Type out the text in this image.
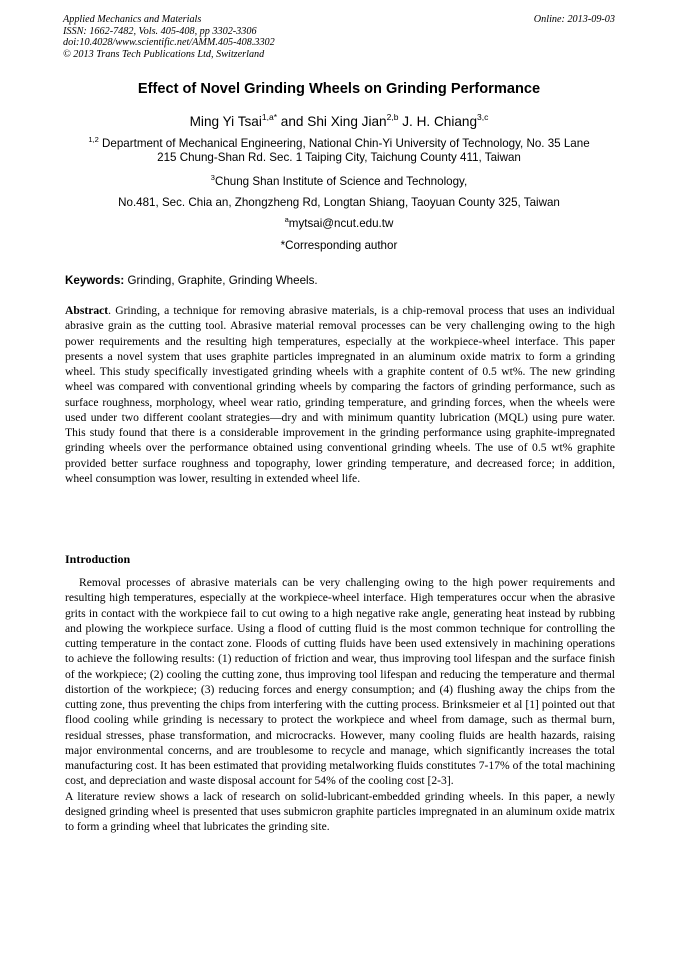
Applied Mechanics and Materials
ISSN: 1662-7482, Vols. 405-408, pp 3302-3306
doi:10.4028/www.scientific.net/AMM.405-408.3302
© 2013 Trans Tech Publications Ltd, Switzerland
Online: 2013-09-03
Effect of Novel Grinding Wheels on Grinding Performance
Ming Yi Tsai$^{1,a*}$ and Shi Xing Jian$^{2,b}$ J. H. Chiang$^{3,c}$
$^{1,2}$ Department of Mechanical Engineering, National Chin-Yi University of Technology, No. 35 Lane
215 Chung-Shan Rd. Sec. 1 Taiping City, Taichung County 411, Taiwan
$^3$Chung Shan Institute of Science and Technology,
No.481, Sec. Chia an, Zhongzheng Rd, Longtan Shiang, Taoyuan County 325, Taiwan
$^a$mytsai@ncut.edu.tw
*Corresponding author
Keywords: Grinding, Graphite, Grinding Wheels.

Abstract. Grinding, a technique for removing abrasive materials, is a chip-removal process that uses an individual abrasive grain as the cutting tool. Abrasive material removal processes can be very challenging owing to the high power requirements and the resulting high temperatures, especially at the workpiece-wheel interface. This paper presents a novel system that uses graphite particles impregnated in an aluminum oxide matrix to form a grinding wheel. This study specifically investigated grinding wheels with a graphite content of 0.5 wt%. The new grinding wheel was compared with conventional grinding wheels by comparing the factors of grinding performance, such as surface roughness, morphology, wheel wear ratio, grinding temperature, and grinding forces, when the wheels were used under two different coolant strategies—dry and with minimum quantity lubrication (MQL) using pure water. This study found that there is a considerable improvement in the grinding performance using graphite-impregnated grinding wheels over the performance obtained using conventional grinding wheels. The use of 0.5 wt% graphite provided better surface roughness and topography, lower grinding temperature, and decreased force; in addition, wheel consumption was lower, resulting in extended wheel life.

Introduction

Removal processes of abrasive materials can be very challenging owing to the high power requirements and resulting high temperatures, especially at the workpiece-wheel interface. High temperatures occur when the abrasive grits in contact with the workpiece fail to cut owing to a high negative rake angle, generating heat instead by rubbing and plowing the workpiece surface. Using a flood of cutting fluid is the most common technique for controlling the cutting temperature in the contact zone. Floods of cutting fluids have been used extensively in machining operations to achieve the following results: (1) reduction of friction and wear, thus improving tool lifespan and the surface finish of the workpiece; (2) cooling the cutting zone, thus improving tool lifespan and reducing the temperature and thermal distortion of the workpiece; (3) reducing forces and energy consumption; and (4) flushing away the chips from the cutting zone, thus preventing the chips from interfering with the cutting process. Brinksmeier et al [1] pointed out that flood cooling while grinding is necessary to protect the workpiece and wheel from damage, such as thermal burn, residual stresses, phase transformation, and microcracks. However, many cooling fluids are health hazards, raising major environmental concerns, and are troublesome to recycle and manage, which significantly increases the total manufacturing cost. It has been estimated that providing metalworking fluids constitutes 7-17% of the total machining cost, and depreciation and waste disposal account for 54% of the cooling cost [2-3].

A literature review shows a lack of research on solid-lubricant-embedded grinding wheels. In this paper, a newly designed grinding wheel is presented that uses submicron graphite particles impregnated in an aluminum oxide matrix to form a grinding wheel that lubricates the grinding site.
